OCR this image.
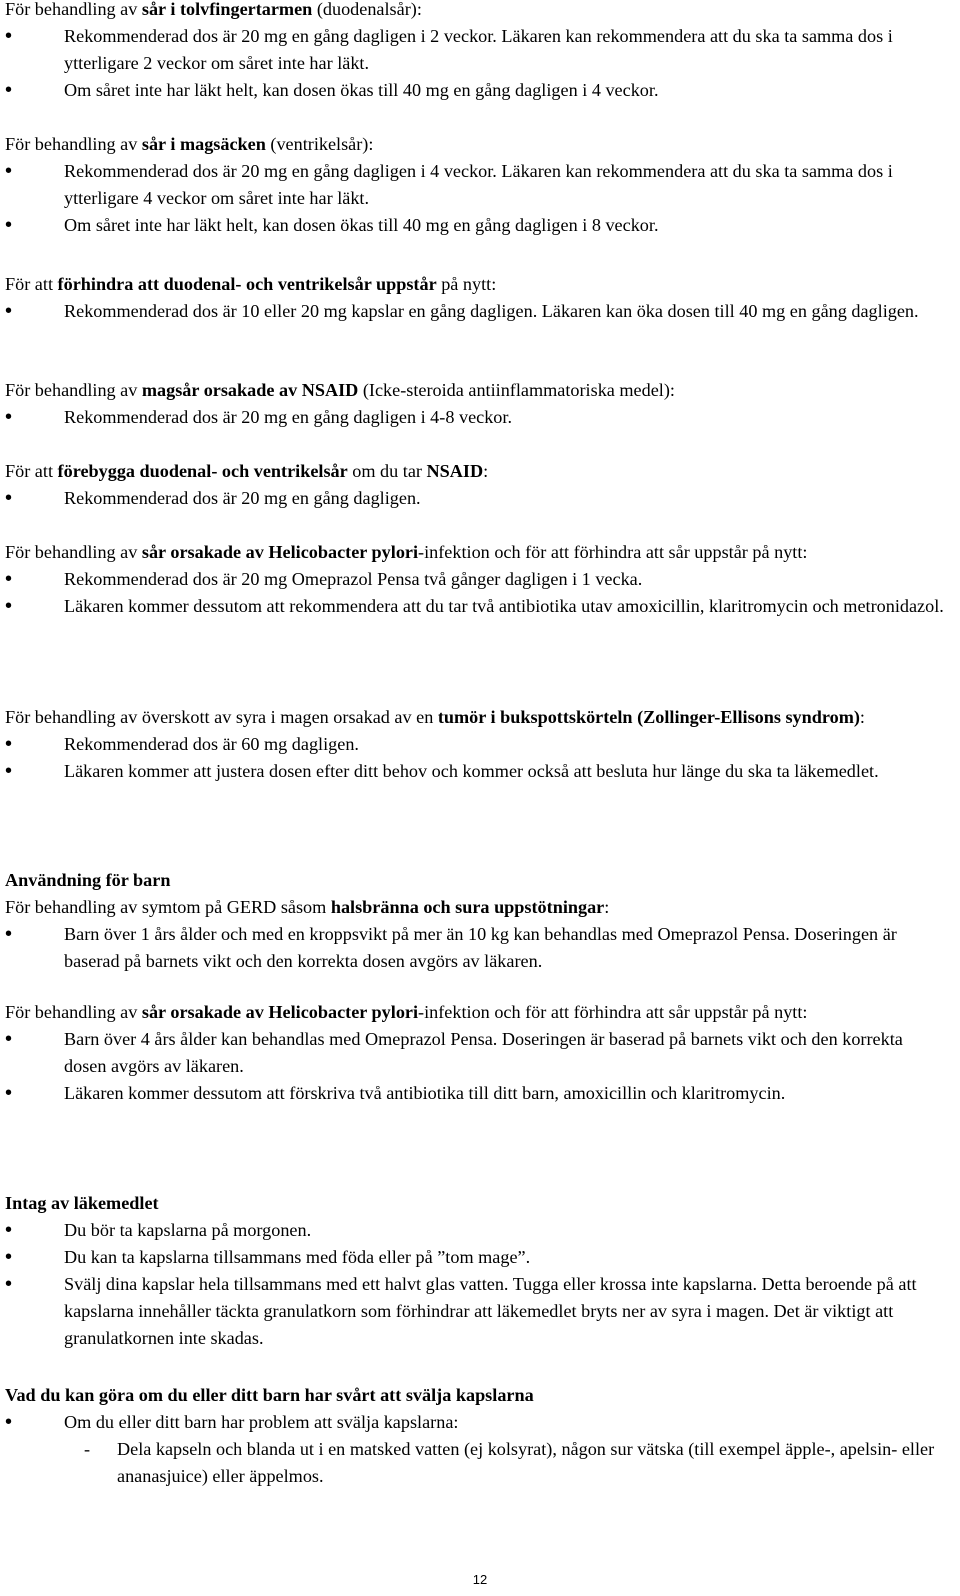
För behandling av sår i tolvfingertarmen (duodenalsår):

• Rekommenderad dos är 20 mg en gång dagligen i 2 veckor. Läkaren kan rekommendera att du ska ta samma dos i ytterligare 2 veckor om såret inte har läkt.
• Om såret inte har läkt helt, kan dosen ökas till 40 mg en gång dagligen i 4 veckor.

För behandling av sår i magsäcken (ventrikelsår):

• Rekommenderad dos är 20 mg en gång dagligen i 4 veckor. Läkaren kan rekommendera att du ska ta samma dos i ytterligare 4 veckor om såret inte har läkt.
• Om såret inte har läkt helt, kan dosen ökas till 40 mg en gång dagligen i 8 veckor.

För att förhindra att duodenal- och ventrikelsår uppstår på nytt:

• Rekommenderad dos är 10 eller 20 mg kapslar en gång dagligen. Läkaren kan öka dosen till 40 mg en gång dagligen.

För behandling av magsår orsakade av NSAID (Icke-steroida antiinflammatoriska medel):

• Rekommenderad dos är 20 mg en gång dagligen i 4-8 veckor.

För att förebygga duodenal- och ventrikelsår om du tar NSAID:

• Rekommenderad dos är 20 mg en gång dagligen.

För behandling av sår orsakade av Helicobacter pylori-infektion och för att förhindra att sår uppstår på nytt:

• Rekommenderad dos är 20 mg Omeprazol Pensa två gånger dagligen i 1 vecka.
• Läkaren kommer dessutom att rekommendera att du tar två antibiotika utav amoxicillin, klaritromycin och metronidazol.

För behandling av överskott av syra i magen orsakad av en tumör i bukspottskörteln (Zollinger-Ellisons syndrom):

• Rekommenderad dos är 60 mg dagligen.
• Läkaren kommer att justera dosen efter ditt behov och kommer också att besluta hur länge du ska ta läkemedlet.

Användning för barn

För behandling av symtom på GERD såsom halsbränna och sura uppstötningar:

• Barn över 1 års ålder och med en kroppsvikt på mer än 10 kg kan behandlas med Omeprazol Pensa. Doseringen är baserad på barnets vikt och den korrekta dosen avgörs av läkaren.

För behandling av sår orsakade av Helicobacter pylori-infektion och för att förhindra att sår uppstår på nytt:

• Barn över 4 års ålder kan behandlas med Omeprazol Pensa. Doseringen är baserad på barnets vikt och den korrekta dosen avgörs av läkaren.
• Läkaren kommer dessutom att förskriva två antibiotika till ditt barn, amoxicillin och klaritromycin.

Intag av läkemedlet

• Du bör ta kapslarna på morgonen.
• Du kan ta kapslarna tillsammans med föda eller på ”tom mage”.
• Svälj dina kapslar hela tillsammans med ett halvt glas vatten. Tugga eller krossa inte kapslarna. Detta beroende på att kapslarna innehåller täckta granulatkorn som förhindrar att läkemedlet bryts ner av syra i magen. Det är viktigt att granulatkornen inte skadas.

Vad du kan göra om du eller ditt barn har svårt att svälja kapslarna

• Om du eller ditt barn har problem att svälja kapslarna:
- Dela kapseln och blanda ut i en matsked vatten (ej kolsyrat), någon sur vätska (till exempel äpple-, apelsin- eller ananasjuice) eller äppelmos.
12
